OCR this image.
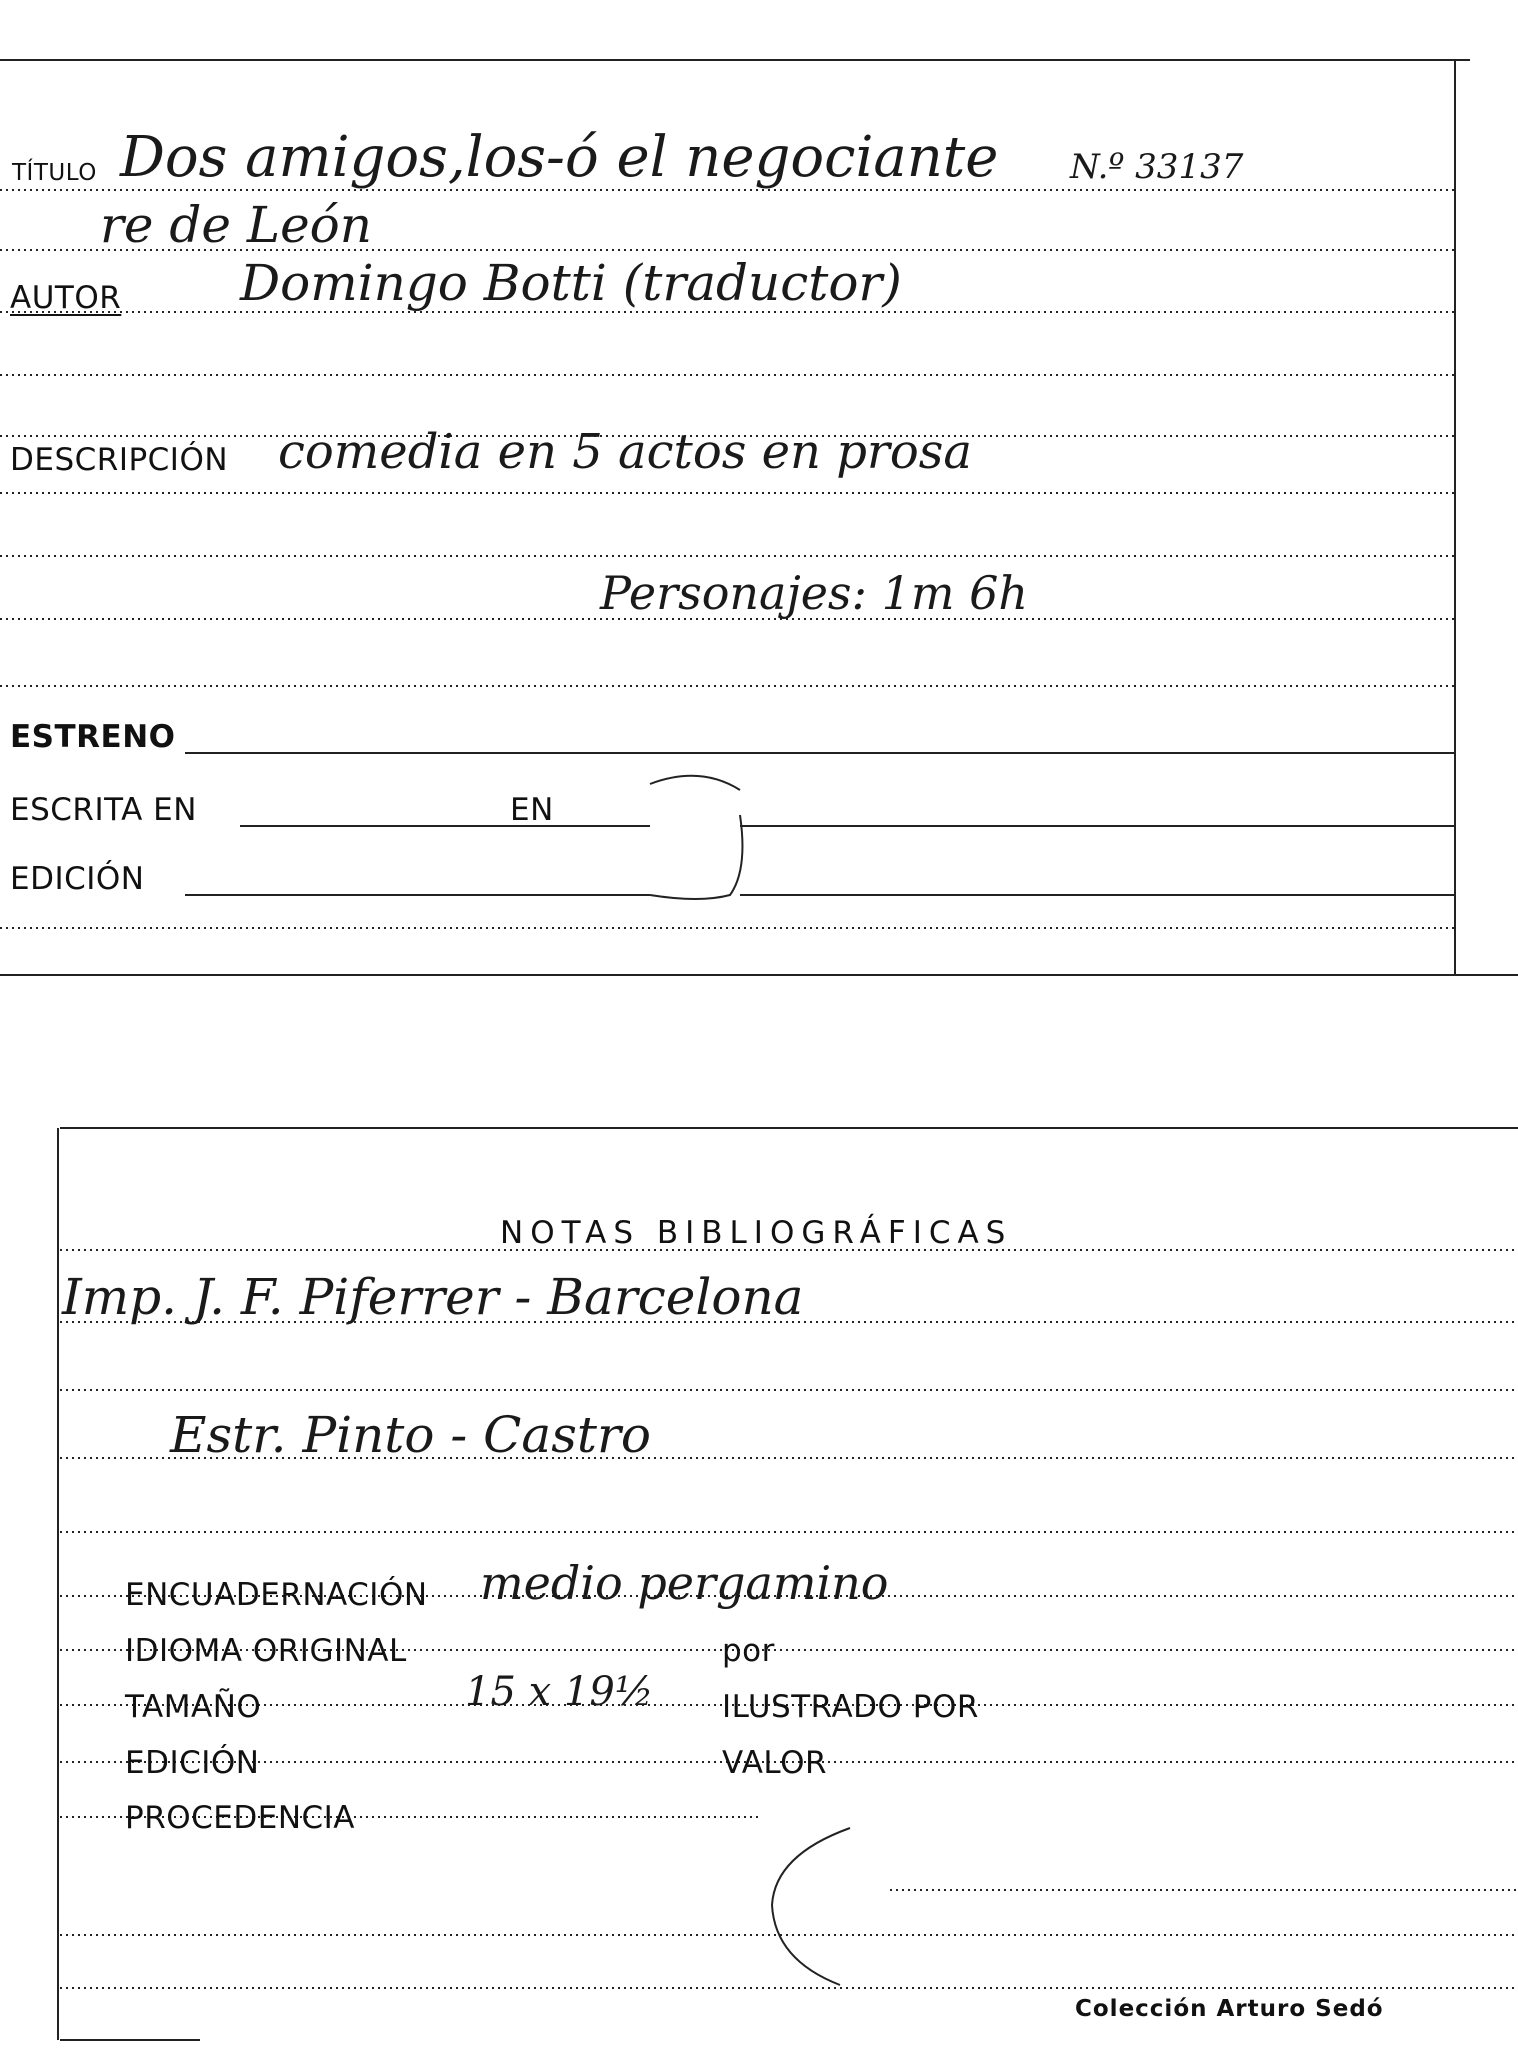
TÍTULO Dos amigos,los-ó el negociante N.º 33137
re de León
AUTOR Domingo Botti (traductor)
DESCRIPCIÓN comedia en 5 actos en prosa
Personajes: 1m 6h
ESTRENO
ESCRITA EN	EN
EDICIÓN
NOTAS BIBLIOGRÁFICAS
Imp. J. F. Piferrer - Barcelona
Estr. Pinto - Castro
ENCUADERNACIÓN medio pergamino
IDIOMA ORIGINAL	por
TAMAÑO	15 x 19½ ILUSTRADO POR
EDICIÓN	VALOR
PROCEDENCIA
Colección Arturo Sedó
